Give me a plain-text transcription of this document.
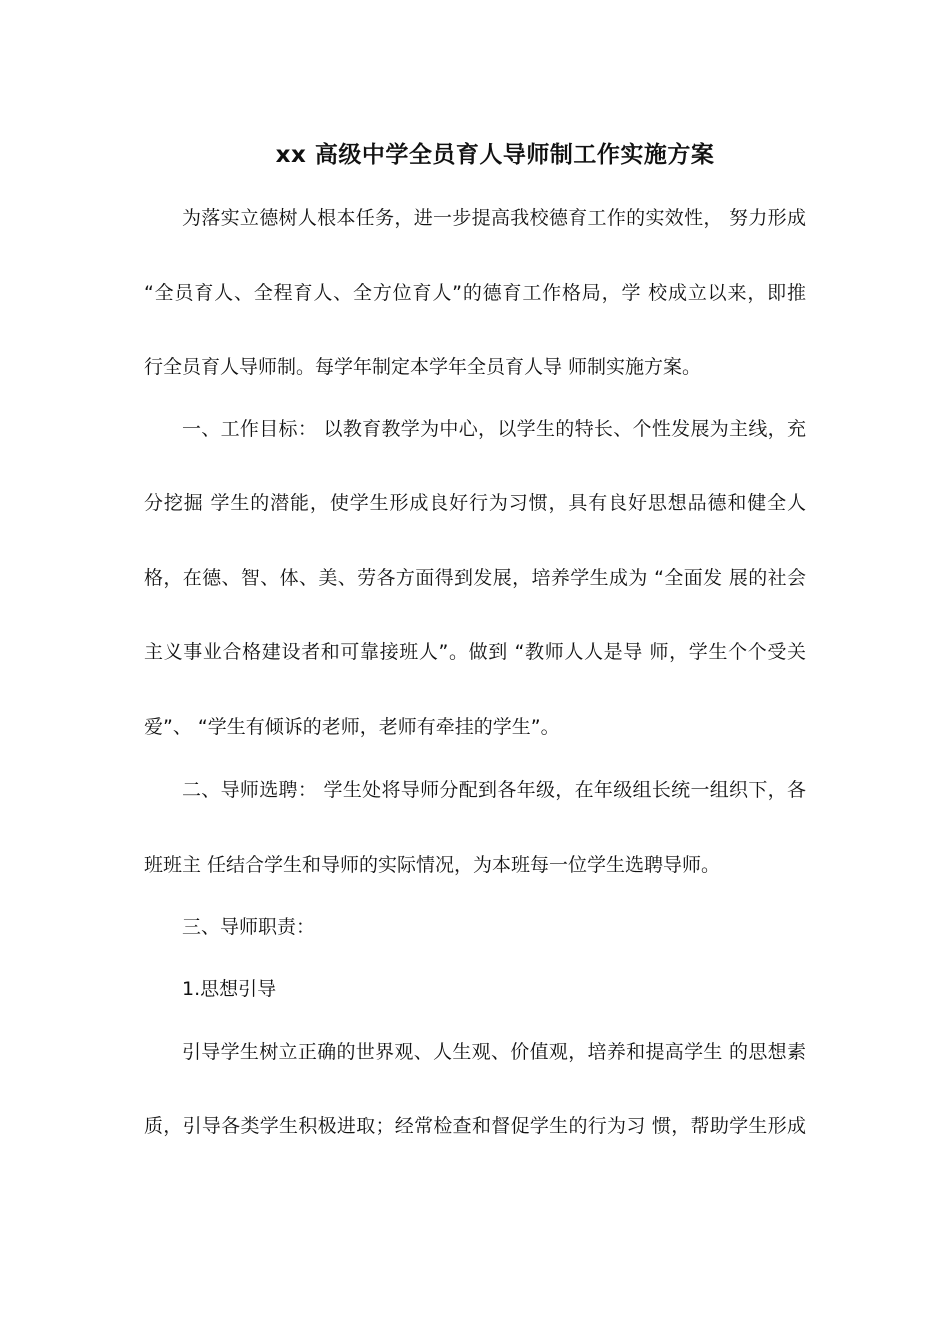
xx 高级中学全员育人导师制工作实施方案
为落实立德树人根本任务，进一步提高我校德育工作的实效性， 努力形成
“全员育人、全程育人、全方位育人”的德育工作格局，学 校成立以来，即推
行全员育人导师制。每学年制定本学年全员育人导 师制实施方案。
一、工作目标： 以教育教学为中心，以学生的特长、个性发展为主线，充
分挖掘 学生的潜能，使学生形成良好行为习惯，具有良好思想品德和健全人
格，在德、智、体、美、劳各方面得到发展，培养学生成为 “全面发 展的社会
主义事业合格建设者和可靠接班人”。做到 “教师人人是导 师，学生个个受关
爱”、 “学生有倾诉的老师，老师有牵挂的学生”。
二、导师选聘： 学生处将导师分配到各年级，在年级组长统一组织下，各
班班主 任结合学生和导师的实际情况，为本班每一位学生选聘导师。
三、导师职责：
1.思想引导
引导学生树立正确的世界观、人生观、价值观，培养和提高学生 的思想素
质，引导各类学生积极进取；经常检查和督促学生的行为习 惯，帮助学生形成
